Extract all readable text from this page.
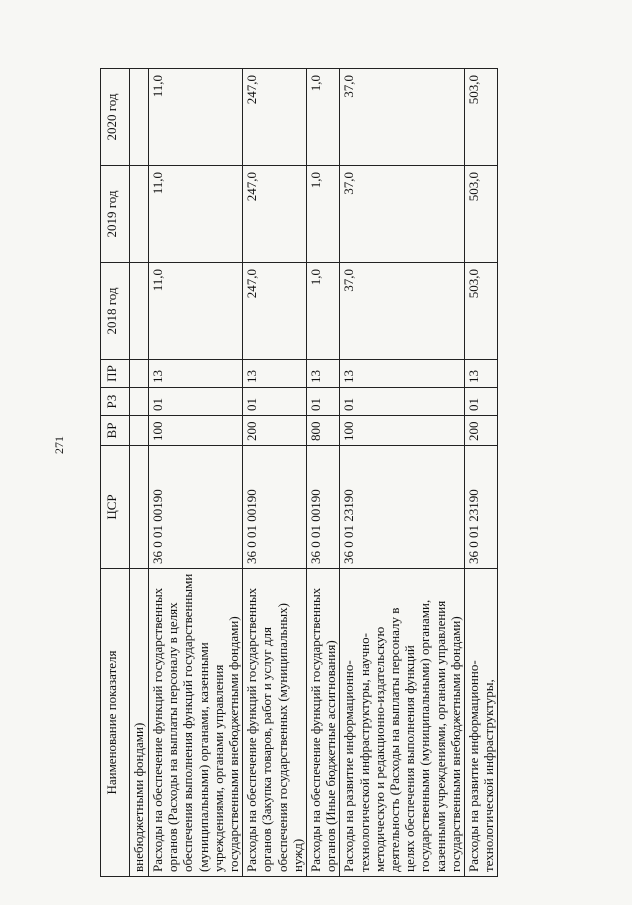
271
Наименование показателя	ЦСР	ВР	РЗ	ПР	2018 год	2019 год	2020 год
внебюджетными фондами)							
Расходы на обеспечение функций государственных органов (Расходы на выплаты персоналу в целях обеспечения выполнения функций государственными (муниципальными) органами, казенными учреждениями, органами управления государственными внебюджетными фондами)	36 0 01 00190	100	01	13	11,0	11,0	11,0
Расходы на обеспечение функций государственных органов (Закупка товаров, работ и услуг для обеспечения государственных (муниципальных) нужд)	36 0 01 00190	200	01	13	247,0	247,0	247,0
Расходы на обеспечение функций государственных органов (Иные бюджетные ассигнования)	36 0 01 00190	800	01	13	1,0	1,0	1,0
Расходы на развитие информационно-технологической инфраструктуры, научно-методическую и редакционно-издательскую деятельность (Расходы на выплаты персоналу в целях обеспечения выполнения функций государственными (муниципальными) органами, казенными учреждениями, органами управления государственными внебюджетными фондами)	36 0 01 23190	100	01	13	37,0	37,0	37,0
Расходы на развитие информационно-технологической инфраструктуры,	36 0 01 23190	200	01	13	503,0	503,0	503,0
